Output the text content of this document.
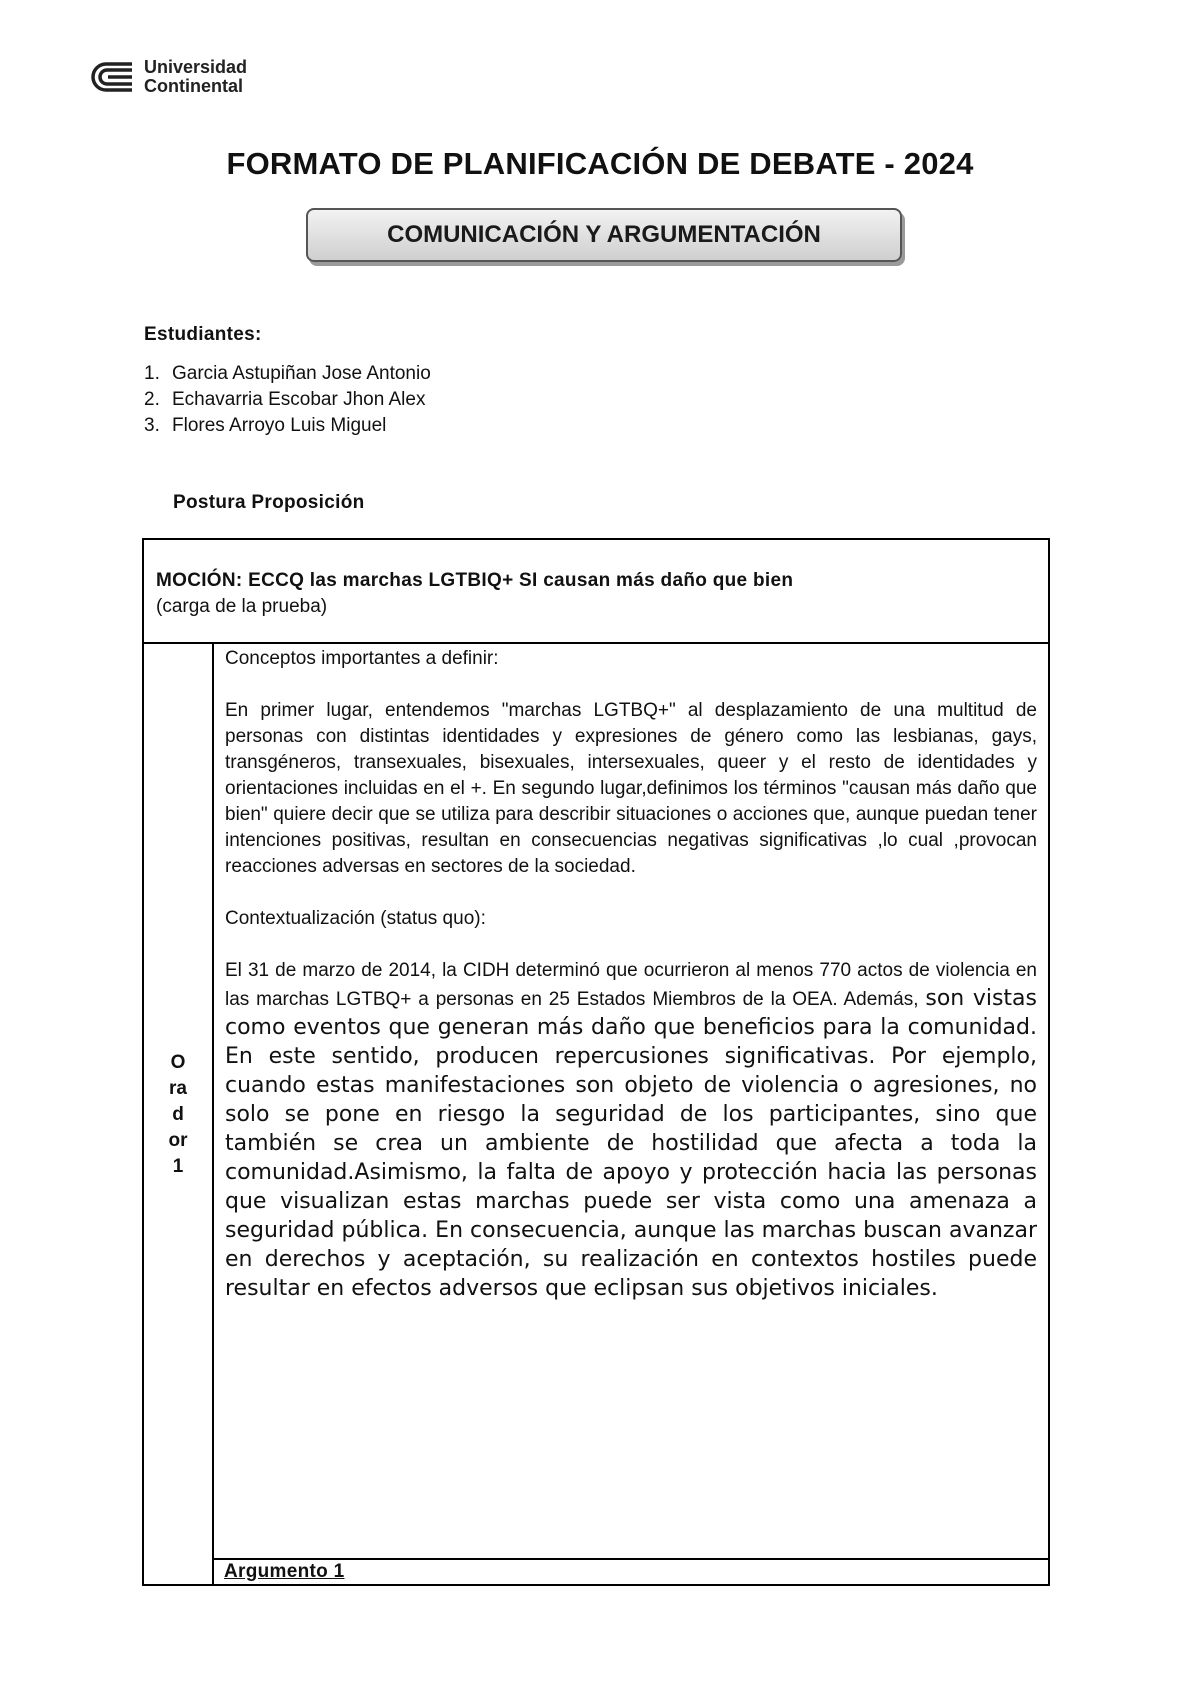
Universidad
Continental
FORMATO DE PLANIFICACIÓN DE DEBATE - 2024
COMUNICACIÓN Y ARGUMENTACIÓN
Estudiantes:
1. Garcia Astupiñan Jose Antonio
2. Echavarria Escobar Jhon Alex
3. Flores Arroyo Luis Miguel
Postura Proposición
MOCIÓN: ECCQ las marchas LGTBIQ+ SI causan más daño que bien
(carga de la prueba)
O
ra
d
or
1

Conceptos importantes a definir:

En primer lugar, entendemos "marchas LGTBQ+" al desplazamiento de una multitud de personas con distintas identidades y expresiones de género como las lesbianas, gays, transgéneros, transexuales, bisexuales, intersexuales, queer y el resto de identidades y orientaciones incluidas en el +. En segundo lugar,definimos los términos "causan más daño que bien" quiere decir que se utiliza para describir situaciones o acciones que, aunque puedan tener intenciones positivas, resultan en consecuencias negativas significativas ,lo cual ,provocan reacciones adversas en sectores de la sociedad.

Contextualización (status quo):

El 31 de marzo de 2014, la CIDH determinó que ocurrieron al menos 770 actos de violencia en las marchas LGTBQ+ a personas en 25 Estados Miembros de la OEA. Además, son vistas como eventos que generan más daño que beneficios para la comunidad. En este sentido, producen repercusiones significativas. Por ejemplo, cuando estas manifestaciones son objeto de violencia o agresiones, no solo se pone en riesgo la seguridad de los participantes, sino que también se crea un ambiente de hostilidad que afecta a toda la comunidad.Asimismo, la falta de apoyo y protección hacia las personas que visualizan estas marchas puede ser vista como una amenaza a seguridad pública. En consecuencia, aunque las marchas buscan avanzar en derechos y aceptación, su realización en contextos hostiles puede resultar en efectos adversos que eclipsan sus objetivos iniciales.

Argumento 1
